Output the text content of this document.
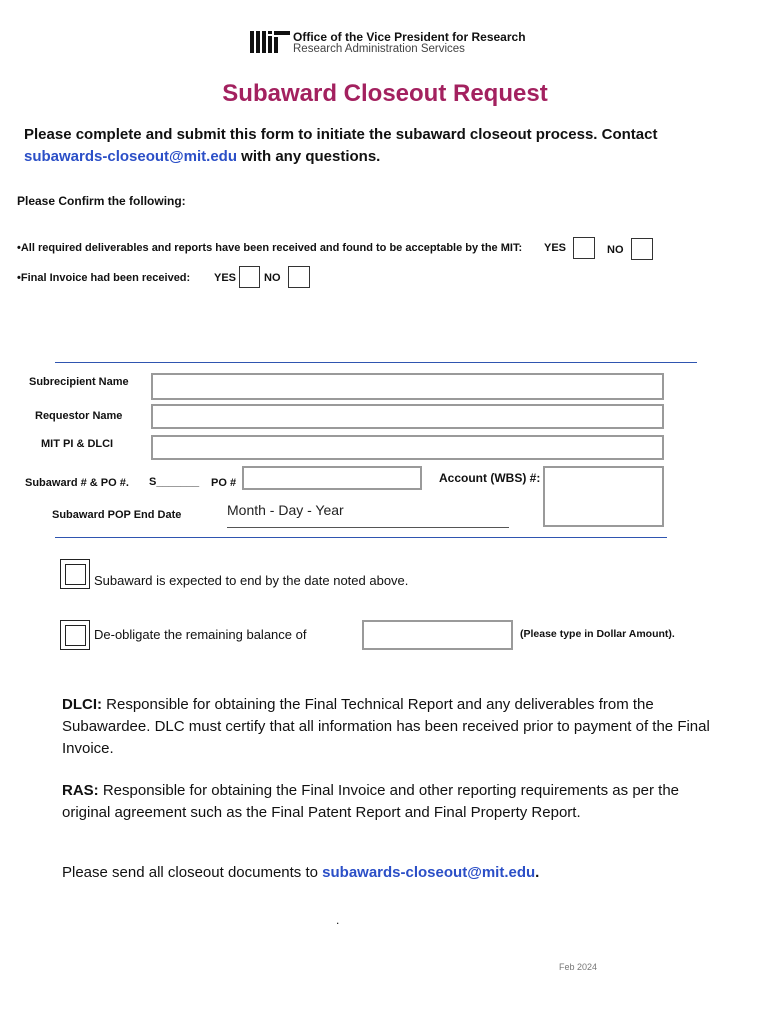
Office of the Vice President for Research
Research Administration Services
Subaward Closeout Request
Please complete and submit this form to initiate the subaward closeout process. Contact
subawards-closeout@mit.edu with any questions.
Please Confirm the following:
•All required deliverables and reports have been received and found to be acceptable by the MIT: YES	NO
•Final Invoice had been received: YES	NO
Subrecipient Name
Requestor Name
MIT PI & DLCI
Subaward # & PO #. S_______ PO #	Account (WBS) #:
Subaward POP End Date	Month - Day - Year
Subaward is expected to end by the date noted above.
De-obligate the remaining balance of	(Please type in Dollar Amount).
DLCI: Responsible for obtaining the Final Technical Report and any deliverables from the Subawardee. DLC must certify that all information has been received prior to payment of the Final Invoice.
RAS: Responsible for obtaining the Final Invoice and other reporting requirements as per the original agreement such as the Final Patent Report and Final Property Report.
Please send all closeout documents to subawards-closeout@mit.edu.
.
Feb 2024
